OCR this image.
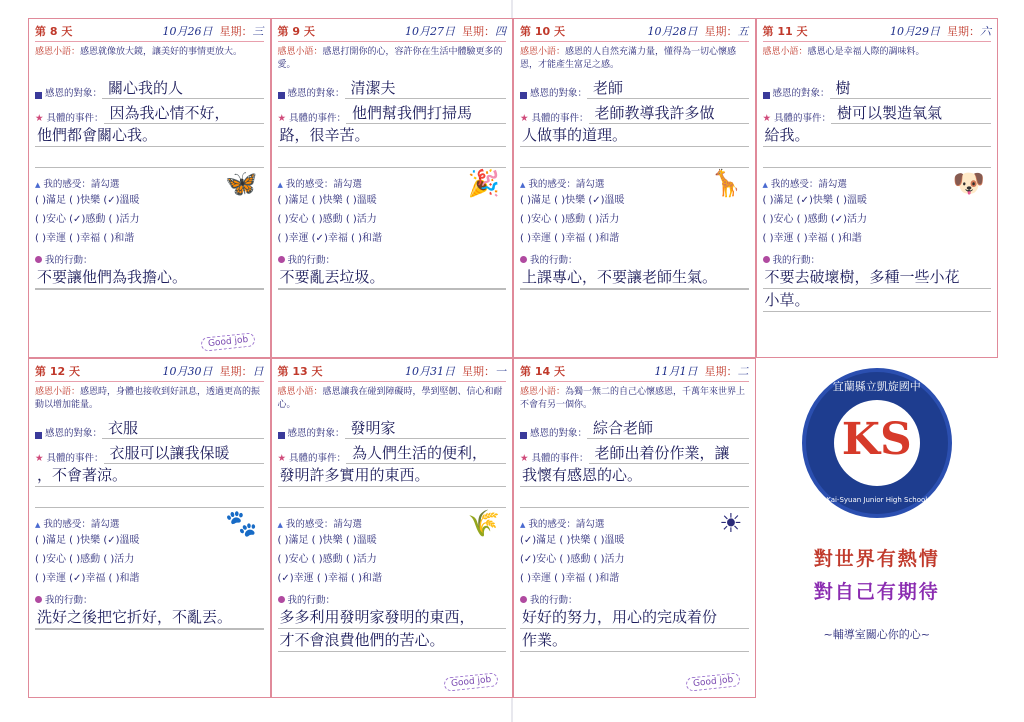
第 8 天	10月26日 星期：三
感恩小語：感恩就像放大鏡，讓美好的事情更放大。
感恩的對象： 關心我的人
★ 具體的事件： 因為我心情不好，
他們都會關心我。
▲ 我的感受：請勾選
( )滿足 ( )快樂 (✓)溫暖
( )安心 (✓)感動 ( )活力
( )幸運 ( )幸福 ( )和諧
我的行動：
不要讓他們為我擔心。
🦋
Good job
第 9 天	10月27日 星期：四
感恩小語：感恩打開你的心，容許你在生活中體驗更多的愛。
感恩的對象： 清潔夫
★ 具體的事件： 他們幫我們打掃馬
路，很辛苦。
▲ 我的感受：請勾選
( )滿足 ( )快樂 ( )溫暖
( )安心 ( )感動 ( )活力
( )幸運 (✓)幸福 ( )和諧
我的行動：
不要亂丟垃圾。
🎉
第 10 天	10月28日 星期：五
感恩小語：感恩的人自然充滿力量，懂得為一切心懷感恩，才能產生富足之感。
感恩的對象： 老師
★ 具體的事件： 老師教導我許多做
人做事的道理。
▲ 我的感受：請勾選
( )滿足 ( )快樂 (✓)溫暖
( )安心 ( )感動 ( )活力
( )幸運 ( )幸福 ( )和諧
我的行動：
上課專心，不要讓老師生氣。
🦒
第 11 天	10月29日 星期：六
感恩小語：感恩心是幸福人際的調味料。
感恩的對象： 樹
★ 具體的事件： 樹可以製造氧氣
給我。
▲ 我的感受：請勾選
( )滿足 (✓)快樂 ( )溫暖
( )安心 ( )感動 (✓)活力
( )幸運 ( )幸福 ( )和諧
我的行動：
不要去破壞樹，多種一些小花
小草。
🐶
第 12 天	10月30日 星期：日
感恩小語：感恩時，身體也接收到好訊息，透過更高的振動以增加能量。
感恩的對象： 衣服
★ 具體的事件： 衣服可以讓我保暖
，不會著涼。
▲ 我的感受：請勾選
( )滿足 ( )快樂 (✓)溫暖
( )安心 ( )感動 ( )活力
( )幸運 (✓)幸福 ( )和諧
我的行動：
洗好之後把它折好，不亂丟。
🐾
第 13 天	10月31日 星期：一
感恩小語：感恩讓我在碰到障礙時，學到堅韌、信心和耐心。
感恩的對象： 發明家
★ 具體的事件： 為人們生活的便利，
發明許多實用的東西。
▲ 我的感受：請勾選
( )滿足 ( )快樂 ( )溫暖
( )安心 ( )感動 ( )活力
(✓)幸運 ( )幸福 ( )和諧
我的行動：
多多利用發明家發明的東西，
才不會浪費他們的苦心。
🌾
Good job
第 14 天	11月1日 星期：二
感恩小語：為獨一無二的自己心懷感恩，千萬年來世界上不會有另一個你。
感恩的對象： 綜合老師
★ 具體的事件： 老師出着份作業，讓
我懷有感恩的心。
▲ 我的感受：請勾選
(✓)滿足 ( )快樂 ( )溫暖
(✓)安心 ( )感動 ( )活力
( )幸運 ( )幸福 ( )和諧
我的行動：
好好的努力，用心的完成着份
作業。
☀
Good job
宜蘭縣立凱旋國中
KS
Kai-Syuan Junior High School
對世界有熱情
對自己有期待
~輔導室關心你的心~
